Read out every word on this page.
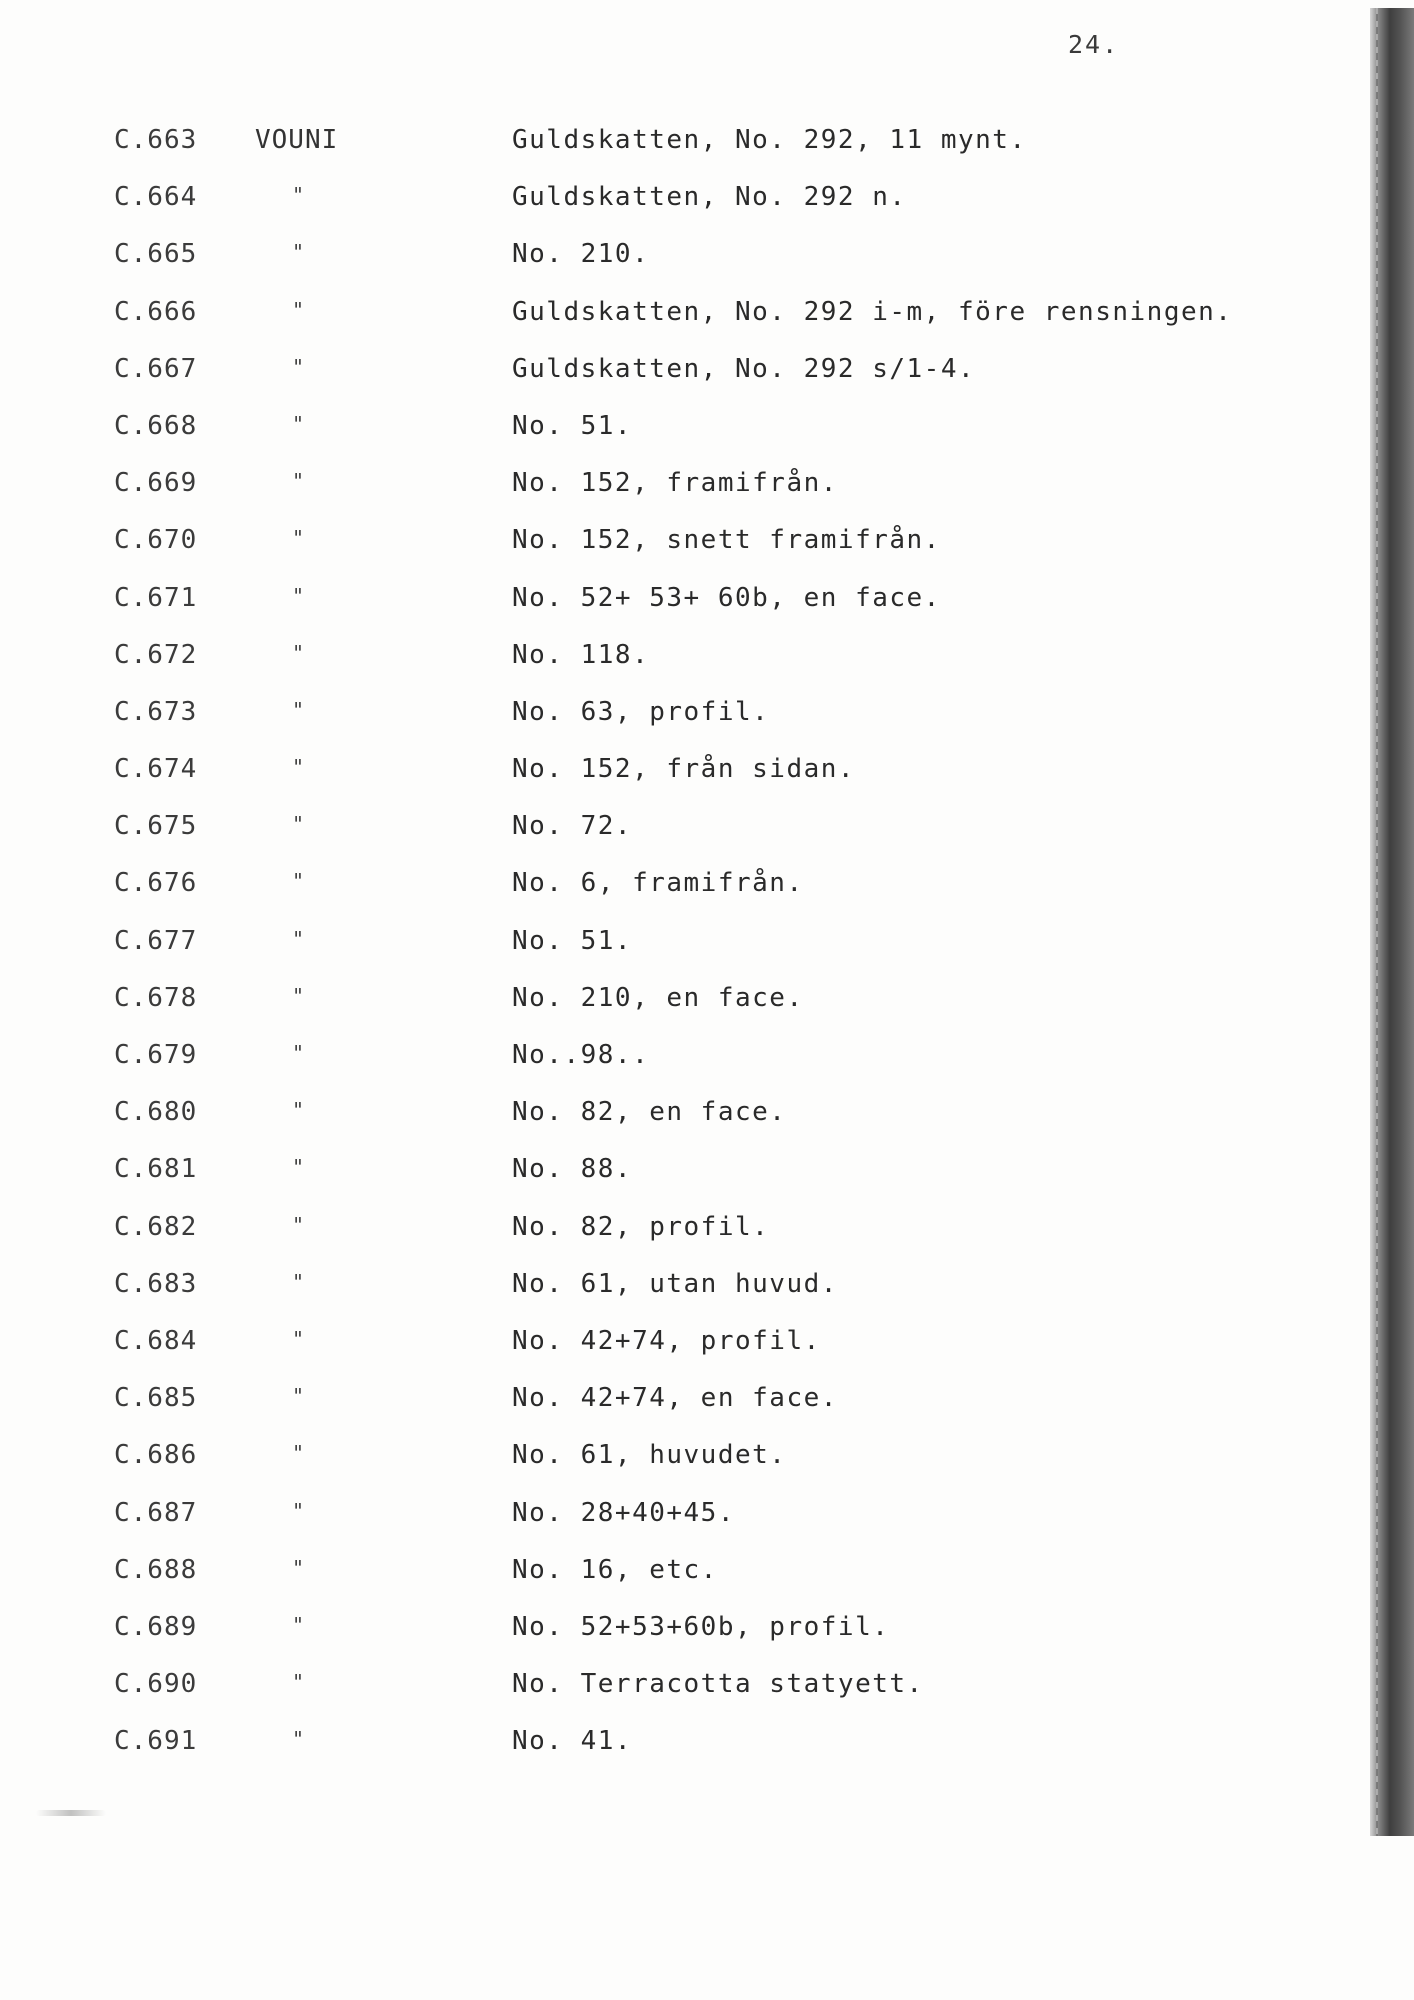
24.
C.663 VOUNI	Guldskatten, No. 292, 11 mynt.
C.664	"	Guldskatten, No. 292 n.
C.665	"	No. 210.
C.666	"	Guldskatten, No. 292 i-m, före rensningen.
C.667	"	Guldskatten, No. 292 s/1-4.
C.668	"	No. 51.
C.669	"	No. 152, framifrån.
C.670	"	No. 152, snett framifrån.
C.671	"	No. 52+ 53+ 60b, en face.
C.672	"	No. 118.
C.673	"	No. 63, profil.
C.674	"	No. 152, från sidan.
C.675	"	No. 72.
C.676	"	No. 6, framifrån.
C.677	"	No. 51.
C.678	"	No. 210, en face.
C.679	"	No..98..
C.680	"	No. 82, en face.
C.681	"	No. 88.
C.682	"	No. 82, profil.
C.683	"	No. 61, utan huvud.
C.684	"	No. 42+74, profil.
C.685	"	No. 42+74, en face.
C.686	"	No. 61, huvudet.
C.687	"	No. 28+40+45.
C.688	"	No. 16, etc.
C.689	"	No. 52+53+60b, profil.
C.690	"	No. Terracotta statyett.
C.691	"	No. 41.
